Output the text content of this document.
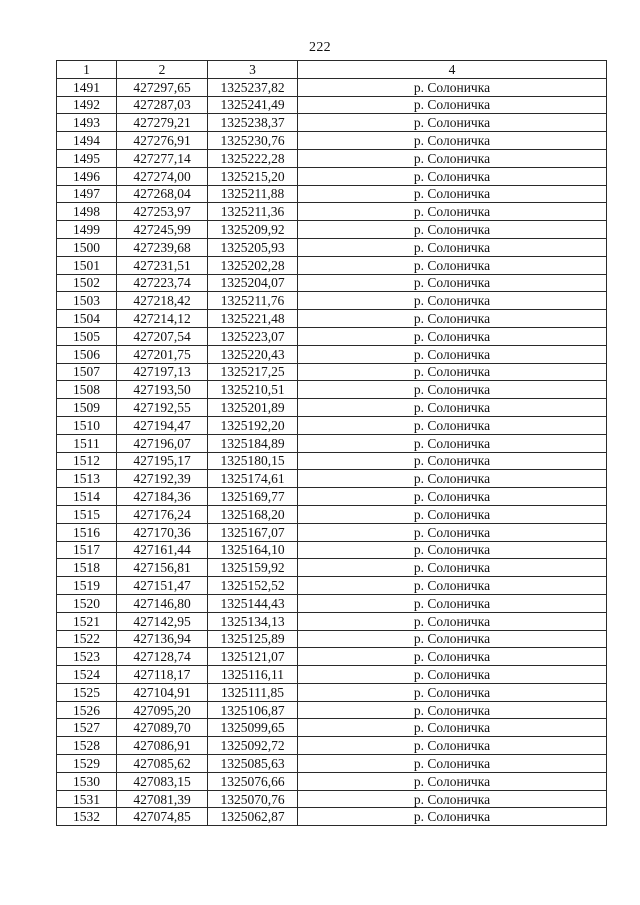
222
1	2	3	4
1491	427297,65	1325237,82	р. Солоничка
1492	427287,03	1325241,49	р. Солоничка
1493	427279,21	1325238,37	р. Солоничка
1494	427276,91	1325230,76	р. Солоничка
1495	427277,14	1325222,28	р. Солоничка
1496	427274,00	1325215,20	р. Солоничка
1497	427268,04	1325211,88	р. Солоничка
1498	427253,97	1325211,36	р. Солоничка
1499	427245,99	1325209,92	р. Солоничка
1500	427239,68	1325205,93	р. Солоничка
1501	427231,51	1325202,28	р. Солоничка
1502	427223,74	1325204,07	р. Солоничка
1503	427218,42	1325211,76	р. Солоничка
1504	427214,12	1325221,48	р. Солоничка
1505	427207,54	1325223,07	р. Солоничка
1506	427201,75	1325220,43	р. Солоничка
1507	427197,13	1325217,25	р. Солоничка
1508	427193,50	1325210,51	р. Солоничка
1509	427192,55	1325201,89	р. Солоничка
1510	427194,47	1325192,20	р. Солоничка
1511	427196,07	1325184,89	р. Солоничка
1512	427195,17	1325180,15	р. Солоничка
1513	427192,39	1325174,61	р. Солоничка
1514	427184,36	1325169,77	р. Солоничка
1515	427176,24	1325168,20	р. Солоничка
1516	427170,36	1325167,07	р. Солоничка
1517	427161,44	1325164,10	р. Солоничка
1518	427156,81	1325159,92	р. Солоничка
1519	427151,47	1325152,52	р. Солоничка
1520	427146,80	1325144,43	р. Солоничка
1521	427142,95	1325134,13	р. Солоничка
1522	427136,94	1325125,89	р. Солоничка
1523	427128,74	1325121,07	р. Солоничка
1524	427118,17	1325116,11	р. Солоничка
1525	427104,91	1325111,85	р. Солоничка
1526	427095,20	1325106,87	р. Солоничка
1527	427089,70	1325099,65	р. Солоничка
1528	427086,91	1325092,72	р. Солоничка
1529	427085,62	1325085,63	р. Солоничка
1530	427083,15	1325076,66	р. Солоничка
1531	427081,39	1325070,76	р. Солоничка
1532	427074,85	1325062,87	р. Солоничка
